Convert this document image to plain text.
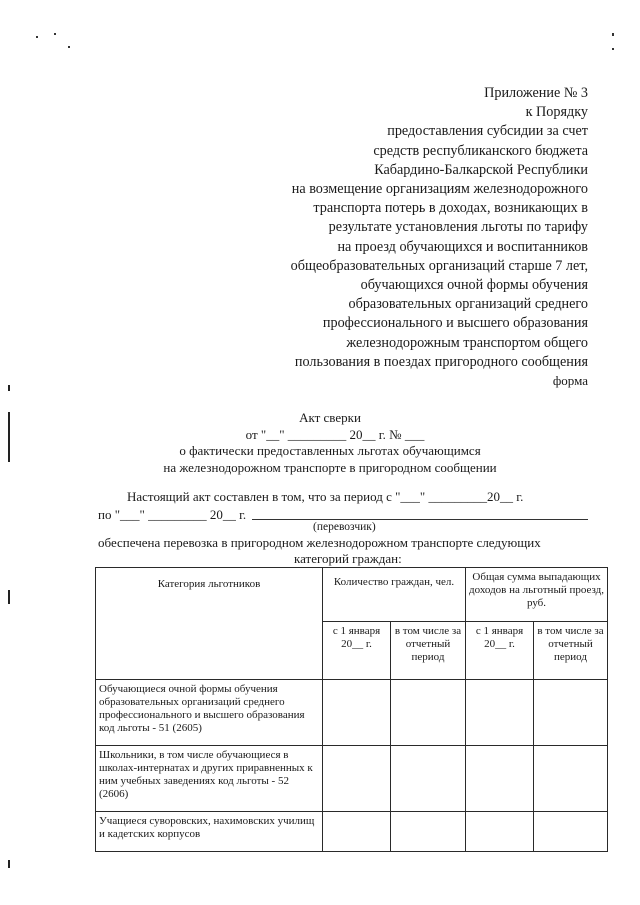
Приложение № 3
к Порядку
предоставления субсидии за счет
средств республиканского бюджета
Кабардино-Балкарской Республики
на возмещение организациям железнодорожного
транспорта потерь в доходах, возникающих в
результате установления льготы по тарифу
на проезд обучающихся и воспитанников
общеобразовательных организаций старше 7 лет,
обучающихся очной формы обучения
образовательных организаций среднего
профессионального и высшего образования
железнодорожным транспортом общего
пользования в поездах пригородного сообщения
форма
Акт сверки
от "__" _________ 20__ г. № ___
о фактически предоставленных льготах обучающимся
на железнодорожном транспорте в пригородном сообщении
Настоящий акт составлен в том, что за период с "___" _________20__ г.
по "___" _________ 20__ г.
(перевозчик)
обеспечена перевозка в пригородном железнодорожном транспорте следующих
категорий граждан:
Категория льготников	Количество граждан, чел.		Общая сумма выпадающих доходов на льготный проезд, руб.	
	с 1 января 20__ г.	в том числе за отчетный период	с 1 января 20__ г.	в том числе за отчетный период
Обучающиеся очной формы обучения образовательных организаций среднего профессионального и высшего образования код льготы - 51 (2605)				
Школьники, в том числе обучающиеся в школах-интернатах и других приравненных к ним учебных заведениях код льготы - 52 (2606)				
Учащиеся суворовских, нахимовских училищ и кадетских корпусов				
